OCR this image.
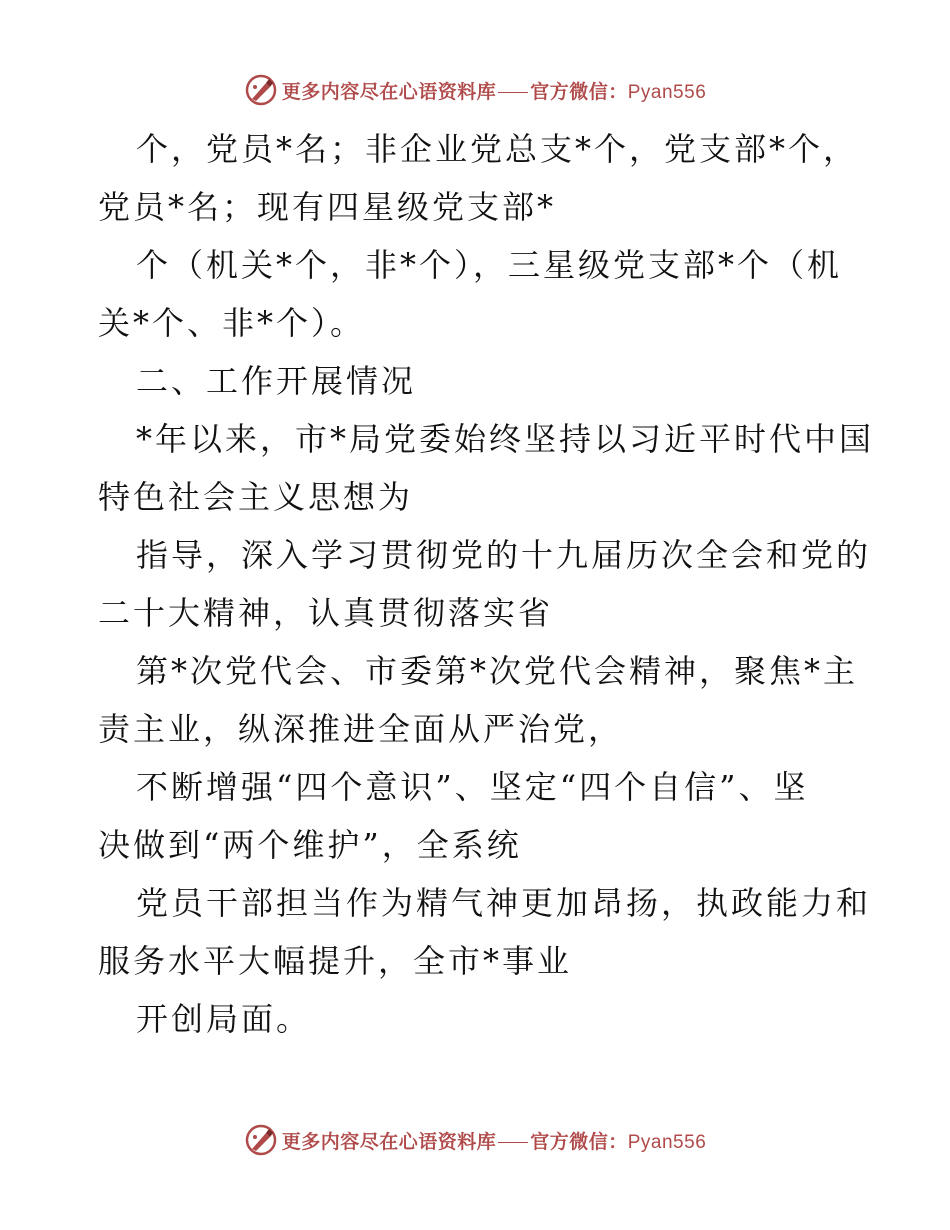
更多内容尽在心语资料库 官方微信：Pyan556
个，党员*名；非企业党总支*个，党支部*个，
党员*名；现有四星级党支部*
个（机关*个，非*个），三星级党支部*个（机
关*个、非*个）。
二、工作开展情况
*年以来，市*局党委始终坚持以习近平时代中国
特色社会主义思想为
指导，深入学习贯彻党的十九届历次全会和党的
二十大精神，认真贯彻落实省
第*次党代会、市委第*次党代会精神，聚焦*主
责主业，纵深推进全面从严治党，
不断增强“四个意识”、坚定“四个自信”、坚
决做到“两个维护”，全系统
党员干部担当作为精气神更加昂扬，执政能力和
服务水平大幅提升，全市*事业
开创局面。
更多内容尽在心语资料库 官方微信：Pyan556
